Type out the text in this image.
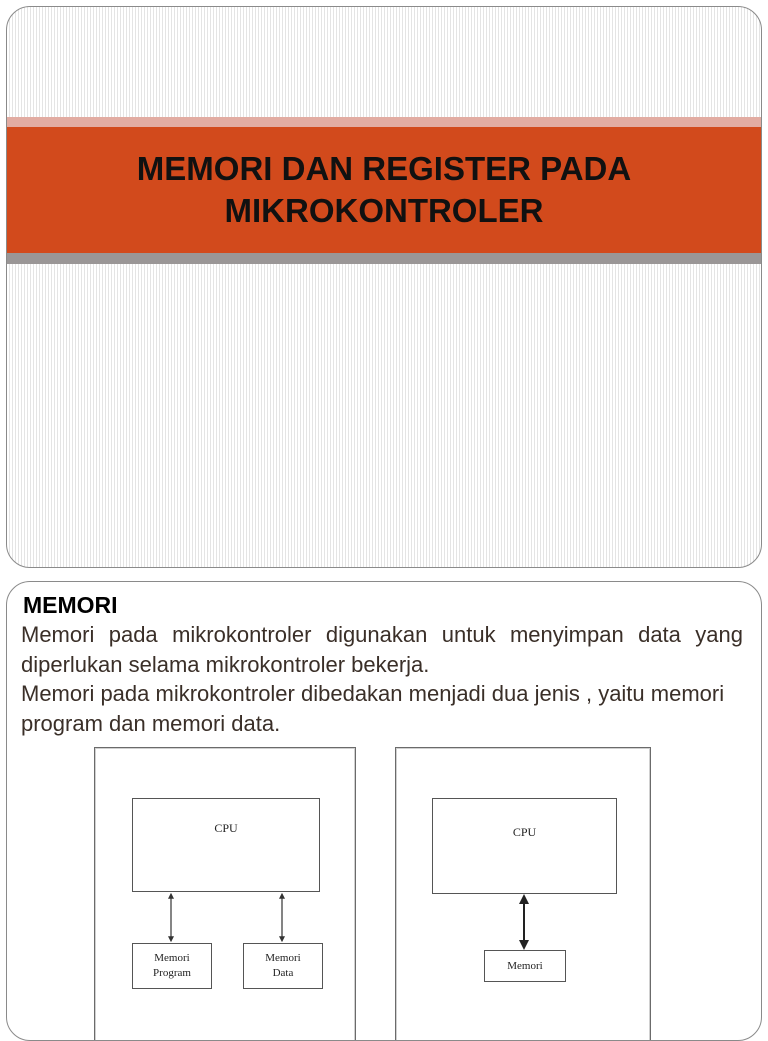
MEMORI DAN REGISTER PADA
MIKROKONTROLER
MEMORI

Memori pada mikrokontroler digunakan untuk menyimpan data yang diperlukan selama mikrokontroler bekerja.

Memori pada mikrokontroler dibedakan menjadi dua jenis , yaitu memori program dan memori data.

CPU
Memori
Program
Memori
Data
CPU
Memori
